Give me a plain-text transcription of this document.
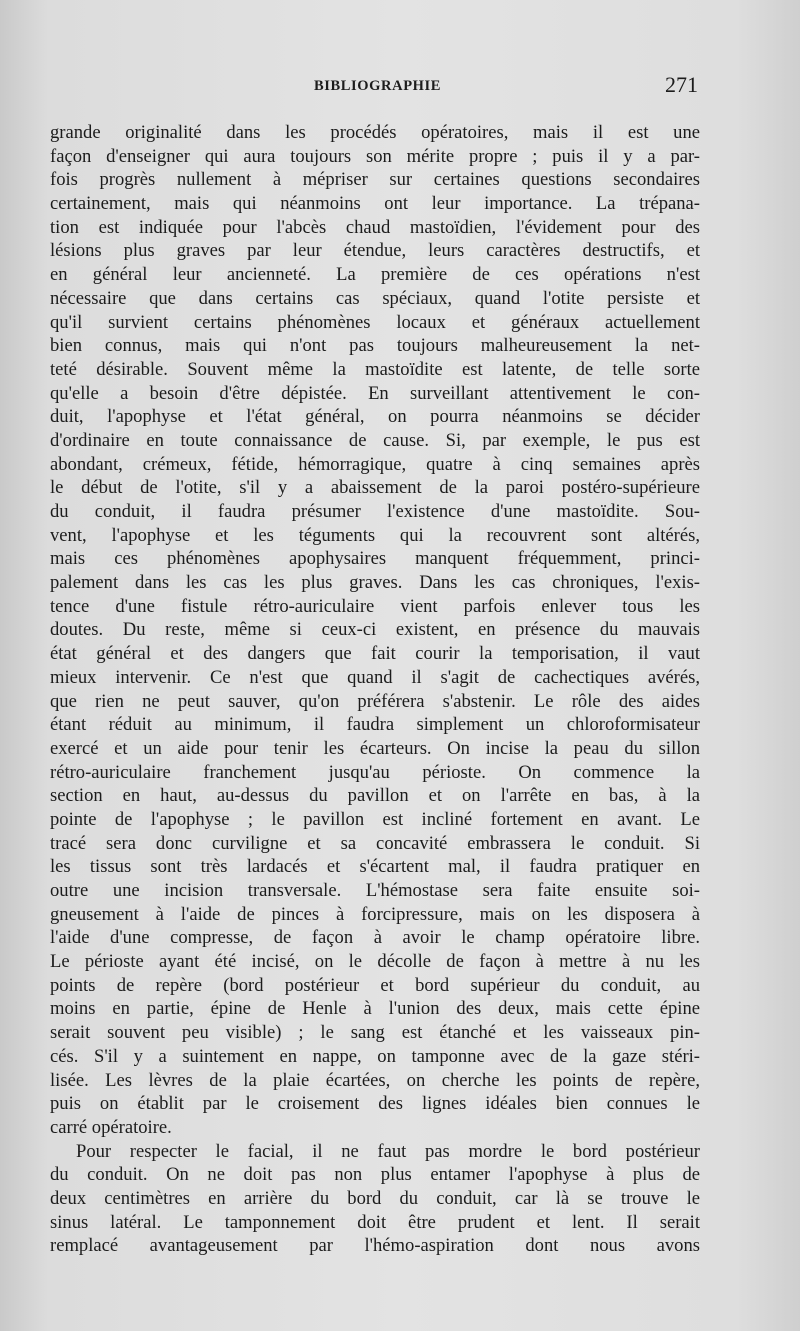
BIBLIOGRAPHIE	271
grande originalité dans les procédés opératoires, mais il est une
façon d'enseigner qui aura toujours son mérite propre ; puis il y a par-
fois progrès nullement à mépriser sur certaines questions secondaires
certainement, mais qui néanmoins ont leur importance. La trépana-
tion est indiquée pour l'abcès chaud mastoïdien, l'évidement pour des
lésions plus graves par leur étendue, leurs caractères destructifs, et
en général leur ancienneté. La première de ces opérations n'est
nécessaire que dans certains cas spéciaux, quand l'otite persiste et
qu'il survient certains phénomènes locaux et généraux actuellement
bien connus, mais qui n'ont pas toujours malheureusement la net-
teté désirable. Souvent même la mastoïdite est latente, de telle sorte
qu'elle a besoin d'être dépistée. En surveillant attentivement le con-
duit, l'apophyse et l'état général, on pourra néanmoins se décider
d'ordinaire en toute connaissance de cause. Si, par exemple, le pus est
abondant, crémeux, fétide, hémorragique, quatre à cinq semaines après
le début de l'otite, s'il y a abaissement de la paroi postéro-supérieure
du conduit, il faudra présumer l'existence d'une mastoïdite. Sou-
vent, l'apophyse et les téguments qui la recouvrent sont altérés,
mais ces phénomènes apophysaires manquent fréquemment, princi-
palement dans les cas les plus graves. Dans les cas chroniques, l'exis-
tence d'une fistule rétro-auriculaire vient parfois enlever tous les
doutes. Du reste, même si ceux-ci existent, en présence du mauvais
état général et des dangers que fait courir la temporisation, il vaut
mieux intervenir. Ce n'est que quand il s'agit de cachectiques avérés,
que rien ne peut sauver, qu'on préférera s'abstenir. Le rôle des aides
étant réduit au minimum, il faudra simplement un chloroformisateur
exercé et un aide pour tenir les écarteurs. On incise la peau du sillon
rétro-auriculaire franchement jusqu'au périoste. On commence la
section en haut, au-dessus du pavillon et on l'arrête en bas, à la
pointe de l'apophyse ; le pavillon est incliné fortement en avant. Le
tracé sera donc curviligne et sa concavité embrassera le conduit. Si
les tissus sont très lardacés et s'écartent mal, il faudra pratiquer en
outre une incision transversale. L'hémostase sera faite ensuite soi-
gneusement à l'aide de pinces à forcipressure, mais on les disposera à
l'aide d'une compresse, de façon à avoir le champ opératoire libre.
Le périoste ayant été incisé, on le décolle de façon à mettre à nu les
points de repère (bord postérieur et bord supérieur du conduit, au
moins en partie, épine de Henle à l'union des deux, mais cette épine
serait souvent peu visible) ; le sang est étanché et les vaisseaux pin-
cés. S'il y a suintement en nappe, on tamponne avec de la gaze stéri-
lisée. Les lèvres de la plaie écartées, on cherche les points de repère,
puis on établit par le croisement des lignes idéales bien connues le
carré opératoire.
Pour respecter le facial, il ne faut pas mordre le bord postérieur
du conduit. On ne doit pas non plus entamer l'apophyse à plus de
deux centimètres en arrière du bord du conduit, car là se trouve le
sinus latéral. Le tamponnement doit être prudent et lent. Il serait
remplacé avantageusement par l'hémo-aspiration dont nous avons
